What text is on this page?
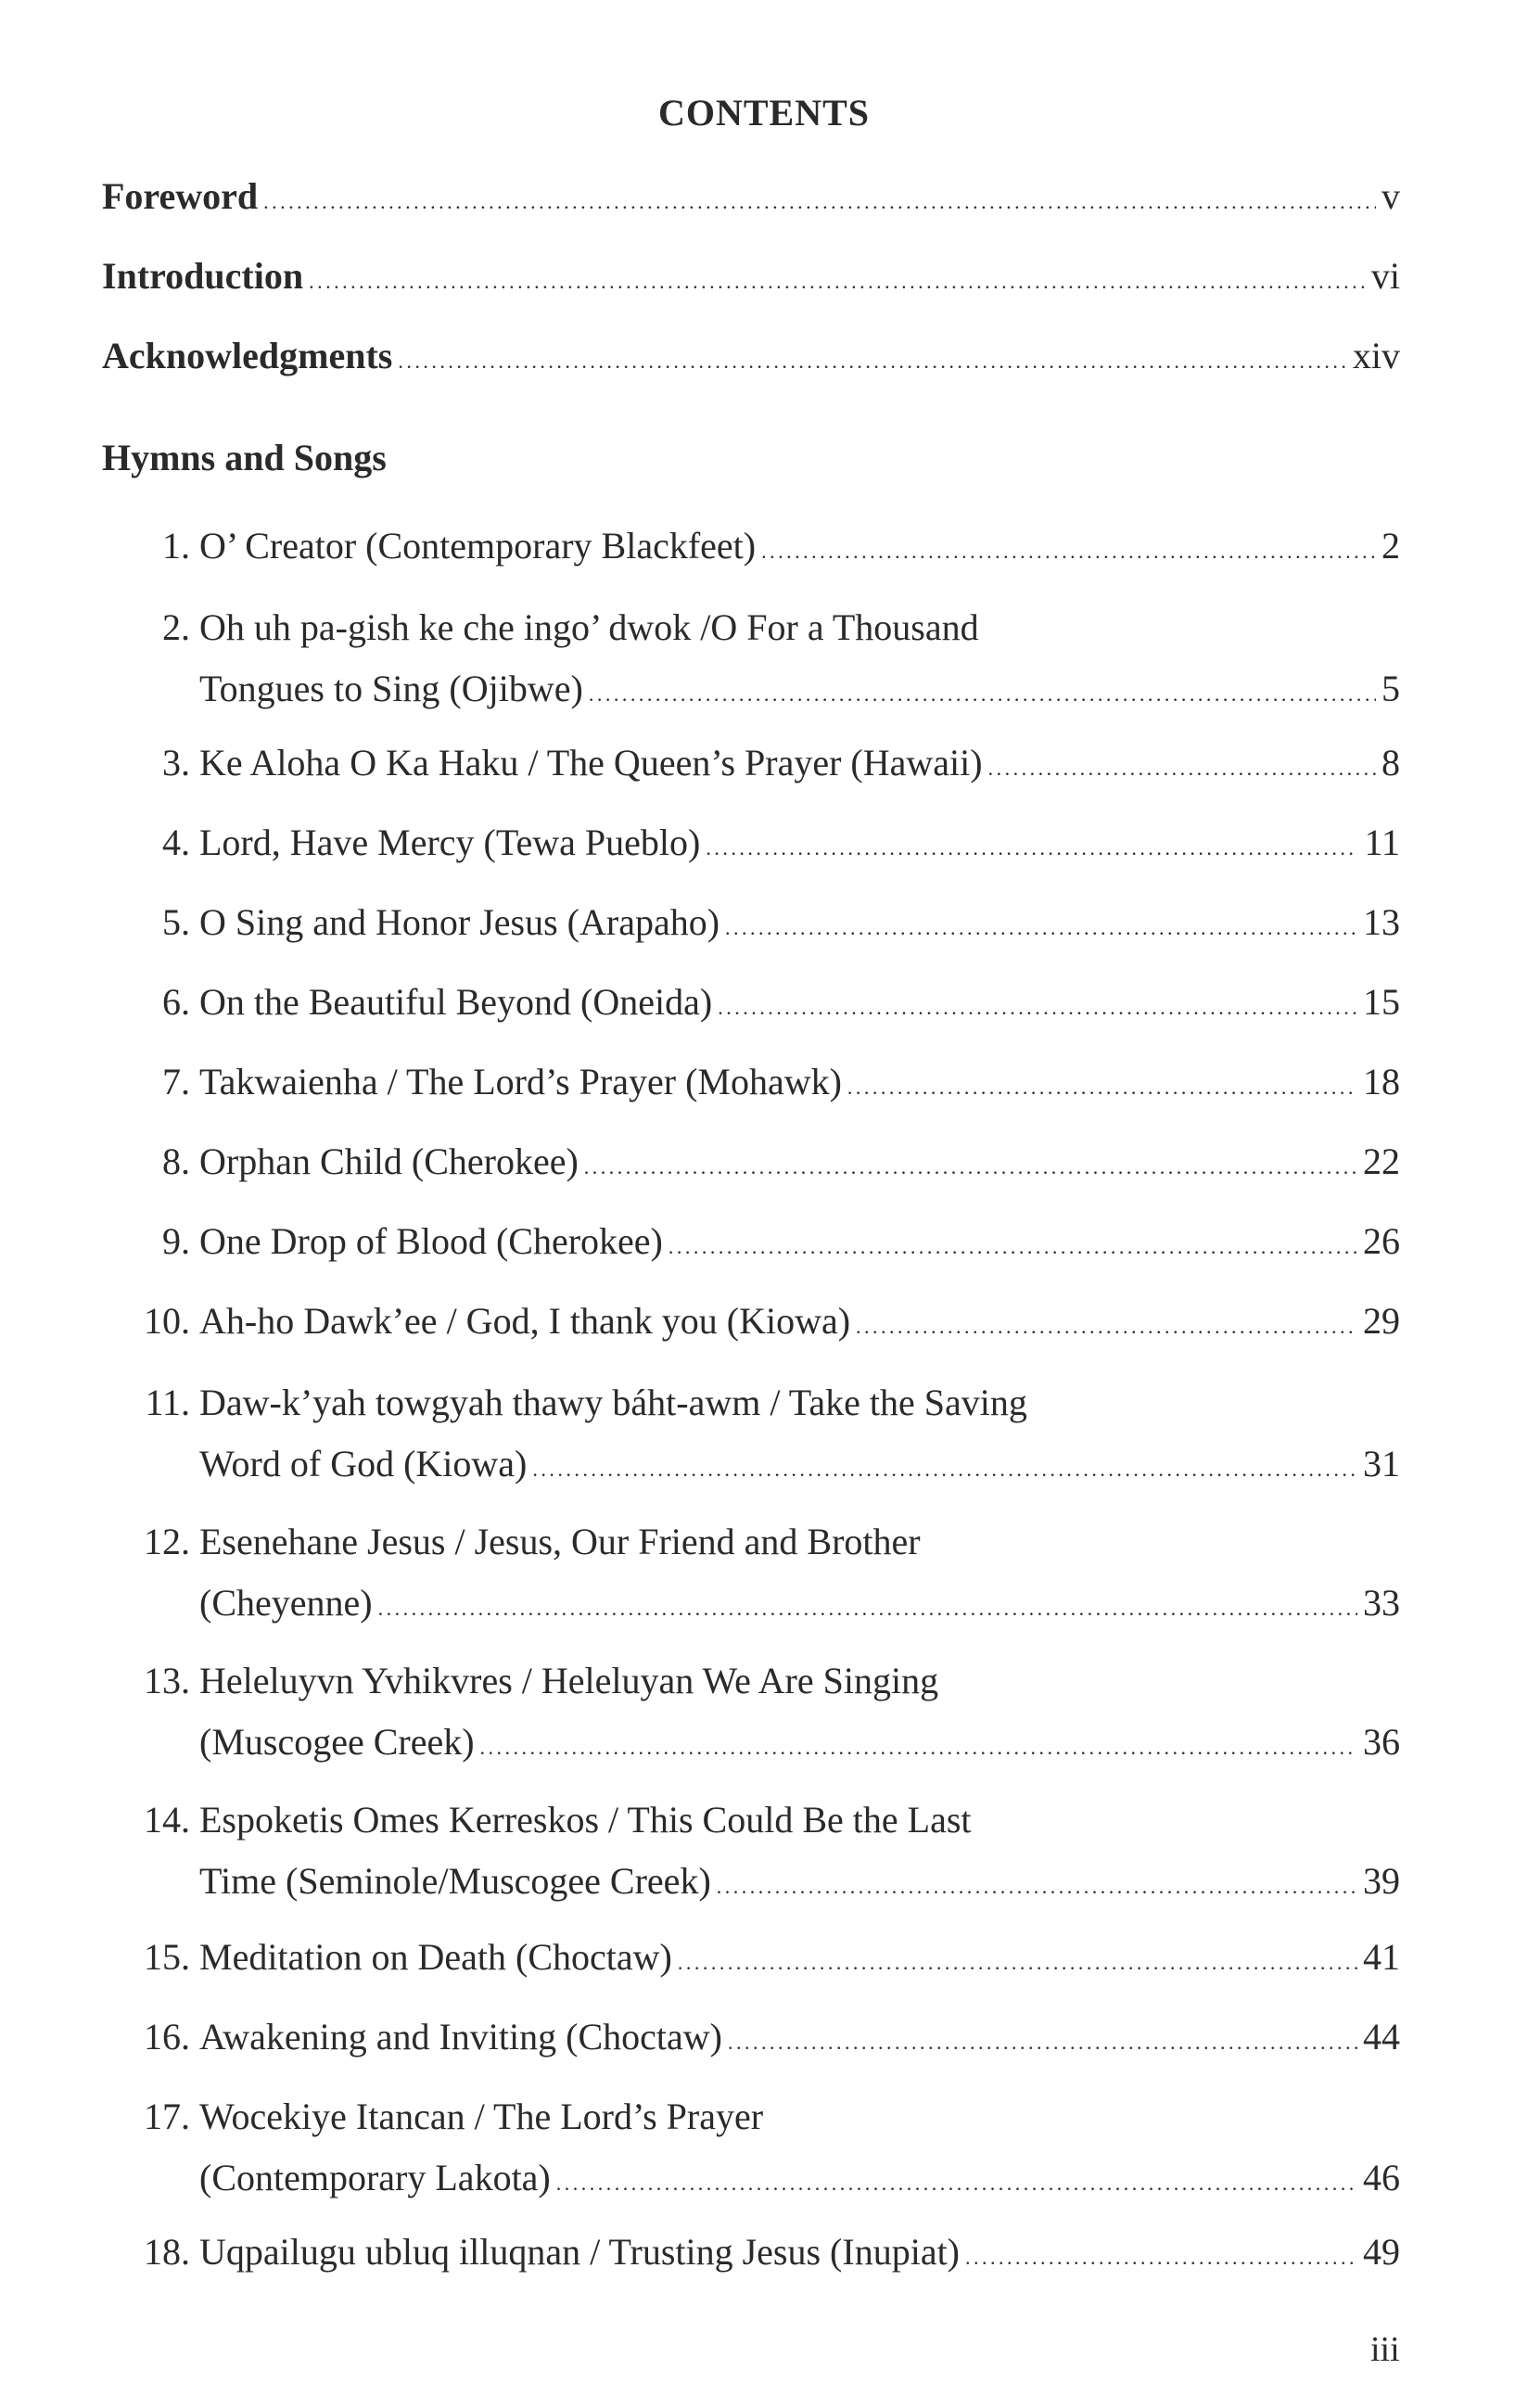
CONTENTS
Foreword . . .	v
Introduction . . .	vi
Acknowledgments . . .	xiv
Hymns and Songs
1. O’ Creator (Contemporary Blackfeet) . . .	2
2. Oh uh pa-gish ke che ingo’ dwok /O For a Thousand
Tongues to Sing (Ojibwe) . . .	5
3. Ke Aloha O Ka Haku / The Queen’s Prayer (Hawaii) . . .	8
4. Lord, Have Mercy (Tewa Pueblo) . . .	11
5. O Sing and Honor Jesus (Arapaho) . . .	13
6. On the Beautiful Beyond (Oneida) . . .	15
7. Takwaienha / The Lord’s Prayer (Mohawk) . . .	18
8. Orphan Child (Cherokee) . . .	22
9. One Drop of Blood (Cherokee) . . .	26
10. Ah-ho Dawk’ee / God, I thank you (Kiowa) . . .	29
11. Daw-k’yah towgyah thawy báht-awm / Take the Saving
Word of God (Kiowa) . . .	31
12. Esenehane Jesus / Jesus, Our Friend and Brother
(Cheyenne) . . .	33
13. Heleluyvn Yvhikvres / Heleluyan We Are Singing
(Muscogee Creek) . . .	36
14. Espoketis Omes Kerreskos / This Could Be the Last
Time (Seminole/Muscogee Creek) . . .	39
15. Meditation on Death (Choctaw) . . .	41
16. Awakening and Inviting (Choctaw) . . .	44
17. Wocekiye Itancan / The Lord’s Prayer
(Contemporary Lakota) . . .	46
18. Uqpailugu ubluq illuqnan / Trusting Jesus (Inupiat) . . .	49
iii
